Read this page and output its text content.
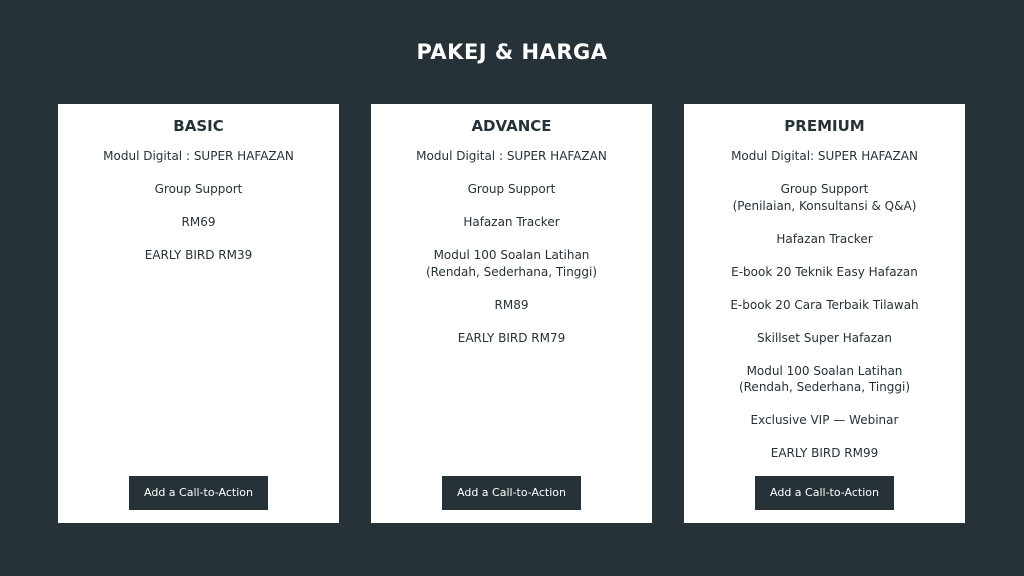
PAKEJ & HARGA
BASIC
Modul Digital : SUPER HAFAZAN
Group Support
RM69
EARLY BIRD RM39
Add a Call-to-Action
ADVANCE
Modul Digital : SUPER HAFAZAN
Group Support
Hafazan Tracker
Modul 100 Soalan Latihan
(Rendah, Sederhana, Tinggi)
RM89
EARLY BIRD RM79
Add a Call-to-Action
PREMIUM
Modul Digital: SUPER HAFAZAN
Group Support
(Penilaian, Konsultansi & Q&A)
Hafazan Tracker
E-book 20 Teknik Easy Hafazan
E-book 20 Cara Terbaik Tilawah
Skillset Super Hafazan
Modul 100 Soalan Latihan
(Rendah, Sederhana, Tinggi)
Exclusive VIP — Webinar
EARLY BIRD RM99
Add a Call-to-Action
